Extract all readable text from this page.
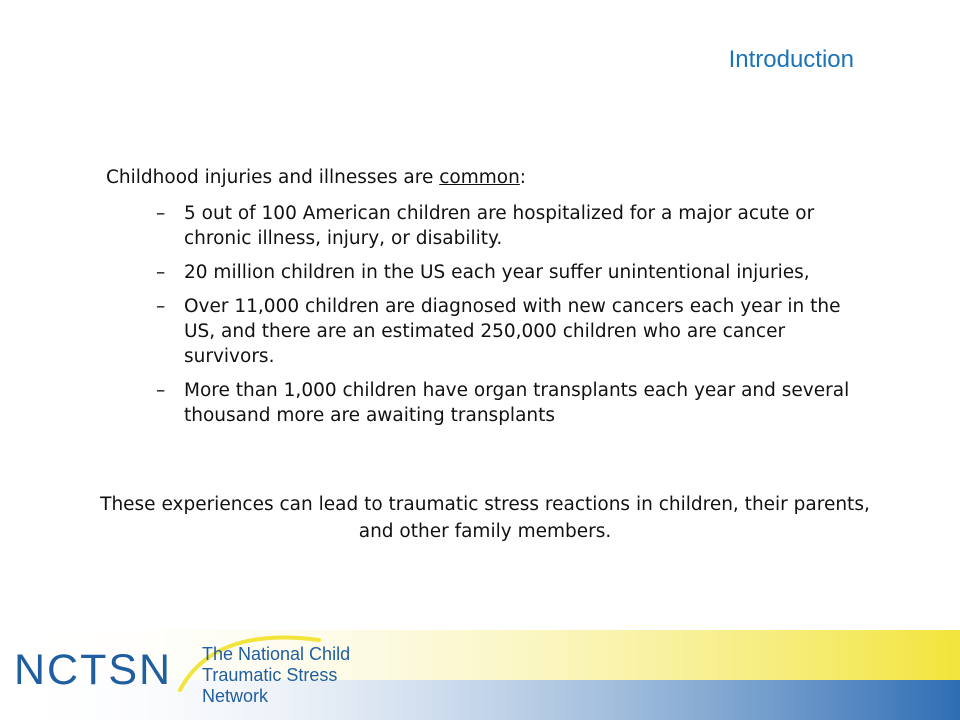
Introduction

Childhood injuries and illnesses are common:

– 5 out of 100 American children are hospitalized for a major acute or chronic illness, injury, or disability.
– 20 million children in the US each year suffer unintentional injuries,
– Over 11,000 children are diagnosed with new cancers each year in the US, and there are an estimated 250,000 children who are cancer survivors.
– More than 1,000 children have organ transplants each year and several thousand more are awaiting transplants

These experiences can lead to traumatic stress reactions in children, their parents, and other family members.

NCTSN The National Child
Traumatic Stress Network
